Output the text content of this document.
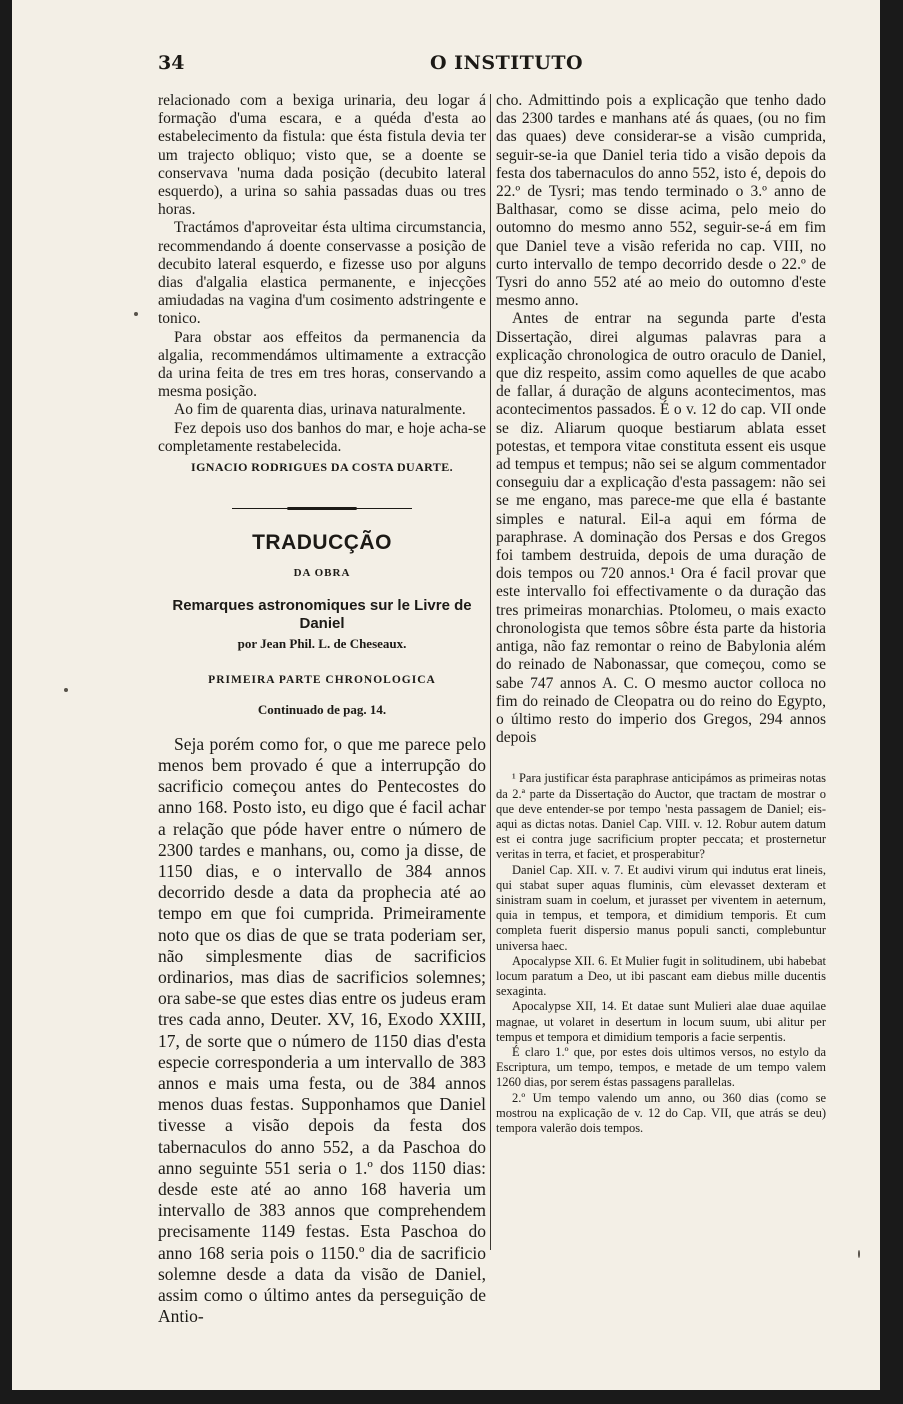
34	O INSTITUTO

relacionado com a bexiga urinaria, deu logar á formação d'uma escara, e a quéda d'esta ao estabelecimento da fistula: que ésta fistula devia ter um trajecto obliquo; visto que, se a doente se conservava 'numa dada posição (decubito lateral esquerdo), a urina so sahia passadas duas ou tres horas.

Tractámos d'aproveitar ésta ultima circumstancia, recommendando á doente conservasse a posição de decubito lateral esquerdo, e fizesse uso por alguns dias d'algalia elastica permanente, e injecções amiudadas na vagina d'um cosimento adstringente e tonico.

Para obstar aos effeitos da permanencia da algalia, recommendámos ultimamente a extracção da urina feita de tres em tres horas, conservando a mesma posição.

Ao fim de quarenta dias, urinava naturalmente.

Fez depois uso dos banhos do mar, e hoje acha-se completamente restabelecida.

IGNACIO RODRIGUES DA COSTA DUARTE.
TRADUCÇÃO
DA OBRA
Remarques astronomiques sur le Livre de Daniel
por Jean Phil. L. de Cheseaux.
PRIMEIRA PARTE CHRONOLOGICA
Continuado de pag. 14.

Seja porém como for, o que me parece pelo menos bem provado é que a interrupção do sacrificio começou antes do Pentecostes do anno 168. Posto isto, eu digo que é facil achar a relação que póde haver entre o número de 2300 tardes e manhans, ou, como ja disse, de 1150 dias, e o intervallo de 384 annos decorrido desde a data da prophecia até ao tempo em que foi cumprida. Primeiramente noto que os dias de que se trata poderiam ser, não simplesmente dias de sacrificios ordinarios, mas dias de sacrificios solemnes; ora sabe-se que estes dias entre os judeus eram tres cada anno, Deuter. XV, 16, Exodo XXIII, 17, de sorte que o número de 1150 dias d'esta especie corresponderia a um intervallo de 383 annos e mais uma festa, ou de 384 annos menos duas festas. Supponhamos que Daniel tivesse a visão depois da festa dos tabernaculos do anno 552, a da Paschoa do anno seguinte 551 seria o 1.º dos 1150 dias: desde este até ao anno 168 haveria um intervallo de 383 annos que comprehendem precisamente 1149 festas. Esta Paschoa do anno 168 seria pois o 1150.º dia de sacrificio solemne desde a data da visão de Daniel, assim como o último antes da perseguição de Antio-

cho. Admittindo pois a explicação que tenho dado das 2300 tardes e manhans até ás quaes, (ou no fim das quaes) deve considerar-se a visão cumprida, seguir-se-ia que Daniel teria tido a visão depois da festa dos tabernaculos do anno 552, isto é, depois do 22.º de Tysri; mas tendo terminado o 3.º anno de Balthasar, como se disse acima, pelo meio do outomno do mesmo anno 552, seguir-se-á em fim que Daniel teve a visão referida no cap. VIII, no curto intervallo de tempo decorrido desde o 22.º de Tysri do anno 552 até ao meio do outomno d'este mesmo anno.

Antes de entrar na segunda parte d'esta Dissertação, direi algumas palavras para a explicação chronologica de outro oraculo de Daniel, que diz respeito, assim como aquelles de que acabo de fallar, á duração de alguns acontecimentos, mas acontecimentos passados. É o v. 12 do cap. VII onde se diz. Aliarum quoque bestiarum ablata esset potestas, et tempora vitae constituta essent eis usque ad tempus et tempus; não sei se algum commentador conseguiu dar a explicação d'esta passagem: não sei se me engano, mas parece-me que ella é bastante simples e natural. Eil-a aqui em fórma de paraphrase. A dominação dos Persas e dos Gregos foi tambem destruida, depois de uma duração de dois tempos ou 720 annos.¹ Ora é facil provar que este intervallo foi effectivamente o da duração das tres primeiras monarchias. Ptolomeu, o mais exacto chronologista que temos sôbre ésta parte da historia antiga, não faz remontar o reino de Babylonia além do reinado de Nabonassar, que começou, como se sabe 747 annos A. C. O mesmo auctor colloca no fim do reinado de Cleopatra ou do reino do Egypto, o último resto do imperio dos Gregos, 294 annos depois

¹ Para justificar ésta paraphrase anticipámos as primeiras notas da 2.ª parte da Dissertação do Auctor, que tractam de mostrar o que deve entender-se por tempo 'nesta passagem de Daniel; eis-aqui as dictas notas. Daniel Cap. VIII. v. 12. Robur autem datum est ei contra juge sacrificium propter peccata; et prosternetur veritas in terra, et faciet, et prosperabitur?

Daniel Cap. XII. v. 7. Et audivi virum qui indutus erat lineis, qui stabat super aquas fluminis, cùm elevasset dexteram et sinistram suam in coelum, et jurasset per viventem in aeternum, quia in tempus, et tempora, et dimidium temporis. Et cum completa fuerit dispersio manus populi sancti, complebuntur universa haec.

Apocalypse XII. 6. Et Mulier fugit in solitudinem, ubi habebat locum paratum a Deo, ut ibi pascant eam diebus mille ducentis sexaginta.

Apocalypse XII, 14. Et datae sunt Mulieri alae duae aquilae magnae, ut volaret in desertum in locum suum, ubi alitur per tempus et tempora et dimidium temporis a facie serpentis.

É claro 1.º que, por estes dois ultimos versos, no estylo da Escriptura, um tempo, tempos, e metade de um tempo valem 1260 dias, por serem éstas passagens parallelas.

2.º Um tempo valendo um anno, ou 360 dias (como se mostrou na explicação de v. 12 do Cap. VII, que atrás se deu) tempora valerão dois tempos.
